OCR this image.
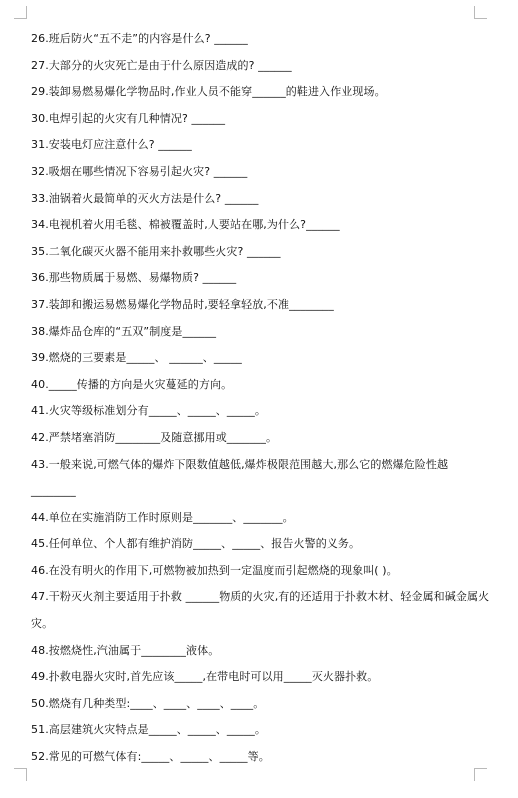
26.班后防火“五不走”的内容是什么? ______
27.大部分的火灾死亡是由于什么原因造成的? ______
29.装卸易燃易爆化学物品时,作业人员不能穿______的鞋进入作业现场。
30.电焊引起的火灾有几种情况? ______
31.安装电灯应注意什么? ______
32.吸烟在哪些情况下容易引起火灾? ______
33.油锅着火最简单的灭火方法是什么? ______
34.电视机着火用毛毯、棉被覆盖时,人要站在哪,为什么?______
35.二氧化碳灭火器不能用来扑救哪些火灾? ______
36.那些物质属于易燃、易爆物质? ______
37.装卸和搬运易燃易爆化学物品时,要轻拿轻放,不准________
38.爆炸品仓库的“五双”制度是______
39.燃烧的三要素是_____、 ______、_____
40._____传播的方向是火灾蔓延的方向。
41.火灾等级标准划分有_____、_____、_____。
42.严禁堵塞消防________及随意挪用或_______。
43.一般来说,可燃气体的爆炸下限数值越低,爆炸极限范围越大,那么它的燃爆危险性越________
44.单位在实施消防工作时原则是_______、_______。
45.任何单位、个人都有维护消防_____、_____、报告火警的义务。
46.在没有明火的作用下,可燃物被加热到一定温度而引起燃烧的现象叫( )。
47.干粉灭火剂主要适用于扑救 ______物质的火灾,有的还适用于扑救木材、轻金属和碱金属火灾。
48.按燃烧性,汽油属于________液体。
49.扑救电器火灾时,首先应该_____,在带电时可以用_____灭火器扑救。
50.燃烧有几种类型:____、____、____、____。
51.高层建筑火灾特点是_____、_____、_____。
52.常见的可燃气体有:_____、_____、_____等。
